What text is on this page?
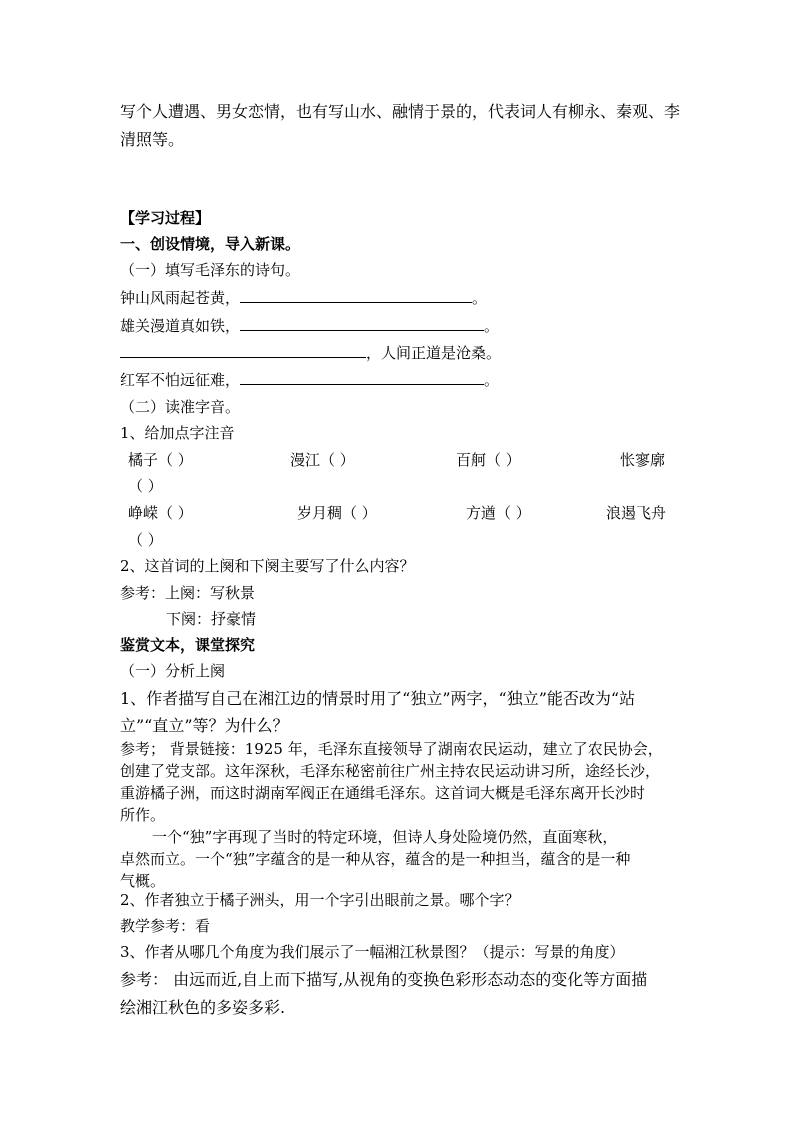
写个人遭遇、男女恋情，也有写山水、融情于景的，代表词人有柳永、秦观、李
清照等。
【学习过程】
一、创设情境，导入新课。
（一）填写毛泽东的诗句。
钟山风雨起苍黄，	。
雄关漫道真如铁，	。
，人间正道是沧桑。
红军不怕远征难，	。
（二）读准字音。
1、给加点字注音
橘子（ ）	漫江（ ）	百舸（ ）	怅寥廓
（ ）
峥嵘（ ）	岁月稠（ ）	方遒（ ）	浪遏飞舟
（ ）
2、这首词的上阕和下阕主要写了什么内容？
参考：上阕：写秋景
下阕：抒豪情
鉴赏文本，课堂探究
（一）分析上阕
1、作者描写自己在湘江边的情景时用了“独立”两字，“独立”能否改为“站
立”“直立”等？为什么？
参考； 背景链接：1925 年，毛泽东直接领导了湖南农民运动，建立了农民协会，
创建了党支部。这年深秋，毛泽东秘密前往广州主持农民运动讲习所，途经长沙，
重游橘子洲，而这时湖南军阀正在通缉毛泽东。这首词大概是毛泽东离开长沙时
所作。
一个“独”字再现了当时的特定环境，但诗人身处险境仍然，直面寒秋，
卓然而立。一个“独”字蕴含的是一种从容，蕴含的是一种担当，蕴含的是一种
气概。
2、作者独立于橘子洲头，用一个字引出眼前之景。哪个字？
教学参考：看
3、作者从哪几个角度为我们展示了一幅湘江秋景图？（提示：写景的角度）
参考： 由远而近,自上而下描写,从视角的变换色彩形态动态的变化等方面描
绘湘江秋色的多姿多彩.
